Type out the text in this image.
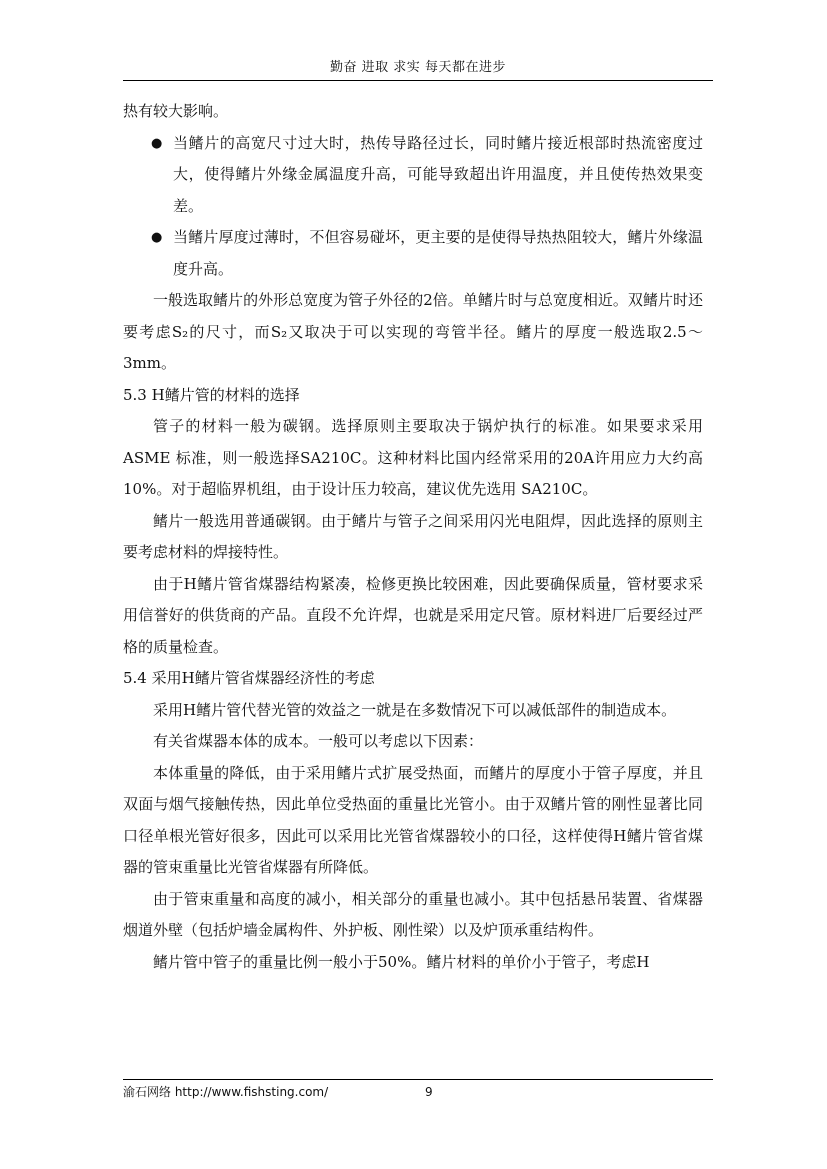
勤奋 进取 求实 每天都在进步

热有较大影响。

● 当鳍片的高宽尺寸过大时，热传导路径过长，同时鳍片接近根部时热流密度过大，使得鳍片外缘金属温度升高，可能导致超出许用温度，并且使传热效果变差。
● 当鳍片厚度过薄时，不但容易碰坏，更主要的是使得导热热阻较大，鳍片外缘温度升高。

一般选取鳍片的外形总宽度为管子外径的2倍。单鳍片时与总宽度相近。双鳍片时还要考虑S₂的尺寸，而S₂又取决于可以实现的弯管半径。鳍片的厚度一般选取2.5～3mm。

5.3 H鳍片管的材料的选择

管子的材料一般为碳钢。选择原则主要取决于锅炉执行的标准。如果要求采用ASME 标准，则一般选择SA210C。这种材料比国内经常采用的20A许用应力大约高10%。对于超临界机组，由于设计压力较高，建议优先选用 SA210C。

鳍片一般选用普通碳钢。由于鳍片与管子之间采用闪光电阻焊，因此选择的原则主要考虑材料的焊接特性。

由于H鳍片管省煤器结构紧凑，检修更换比较困难，因此要确保质量，管材要求采用信誉好的供货商的产品。直段不允许焊，也就是采用定尺管。原材料进厂后要经过严格的质量检查。

5.4 采用H鳍片管省煤器经济性的考虑

采用H鳍片管代替光管的效益之一就是在多数情况下可以减低部件的制造成本。

有关省煤器本体的成本。一般可以考虑以下因素：

本体重量的降低，由于采用鳍片式扩展受热面，而鳍片的厚度小于管子厚度，并且双面与烟气接触传热，因此单位受热面的重量比光管小。由于双鳍片管的刚性显著比同口径单根光管好很多，因此可以采用比光管省煤器较小的口径，这样使得H鳍片管省煤器的管束重量比光管省煤器有所降低。

由于管束重量和高度的减小，相关部分的重量也减小。其中包括悬吊装置、省煤器烟道外壁（包括炉墙金属构件、外护板、刚性梁）以及炉顶承重结构件。

鳍片管中管子的重量比例一般小于50%。鳍片材料的单价小于管子，考虑H

渝石网络 http://www.fishsting.com/	9
